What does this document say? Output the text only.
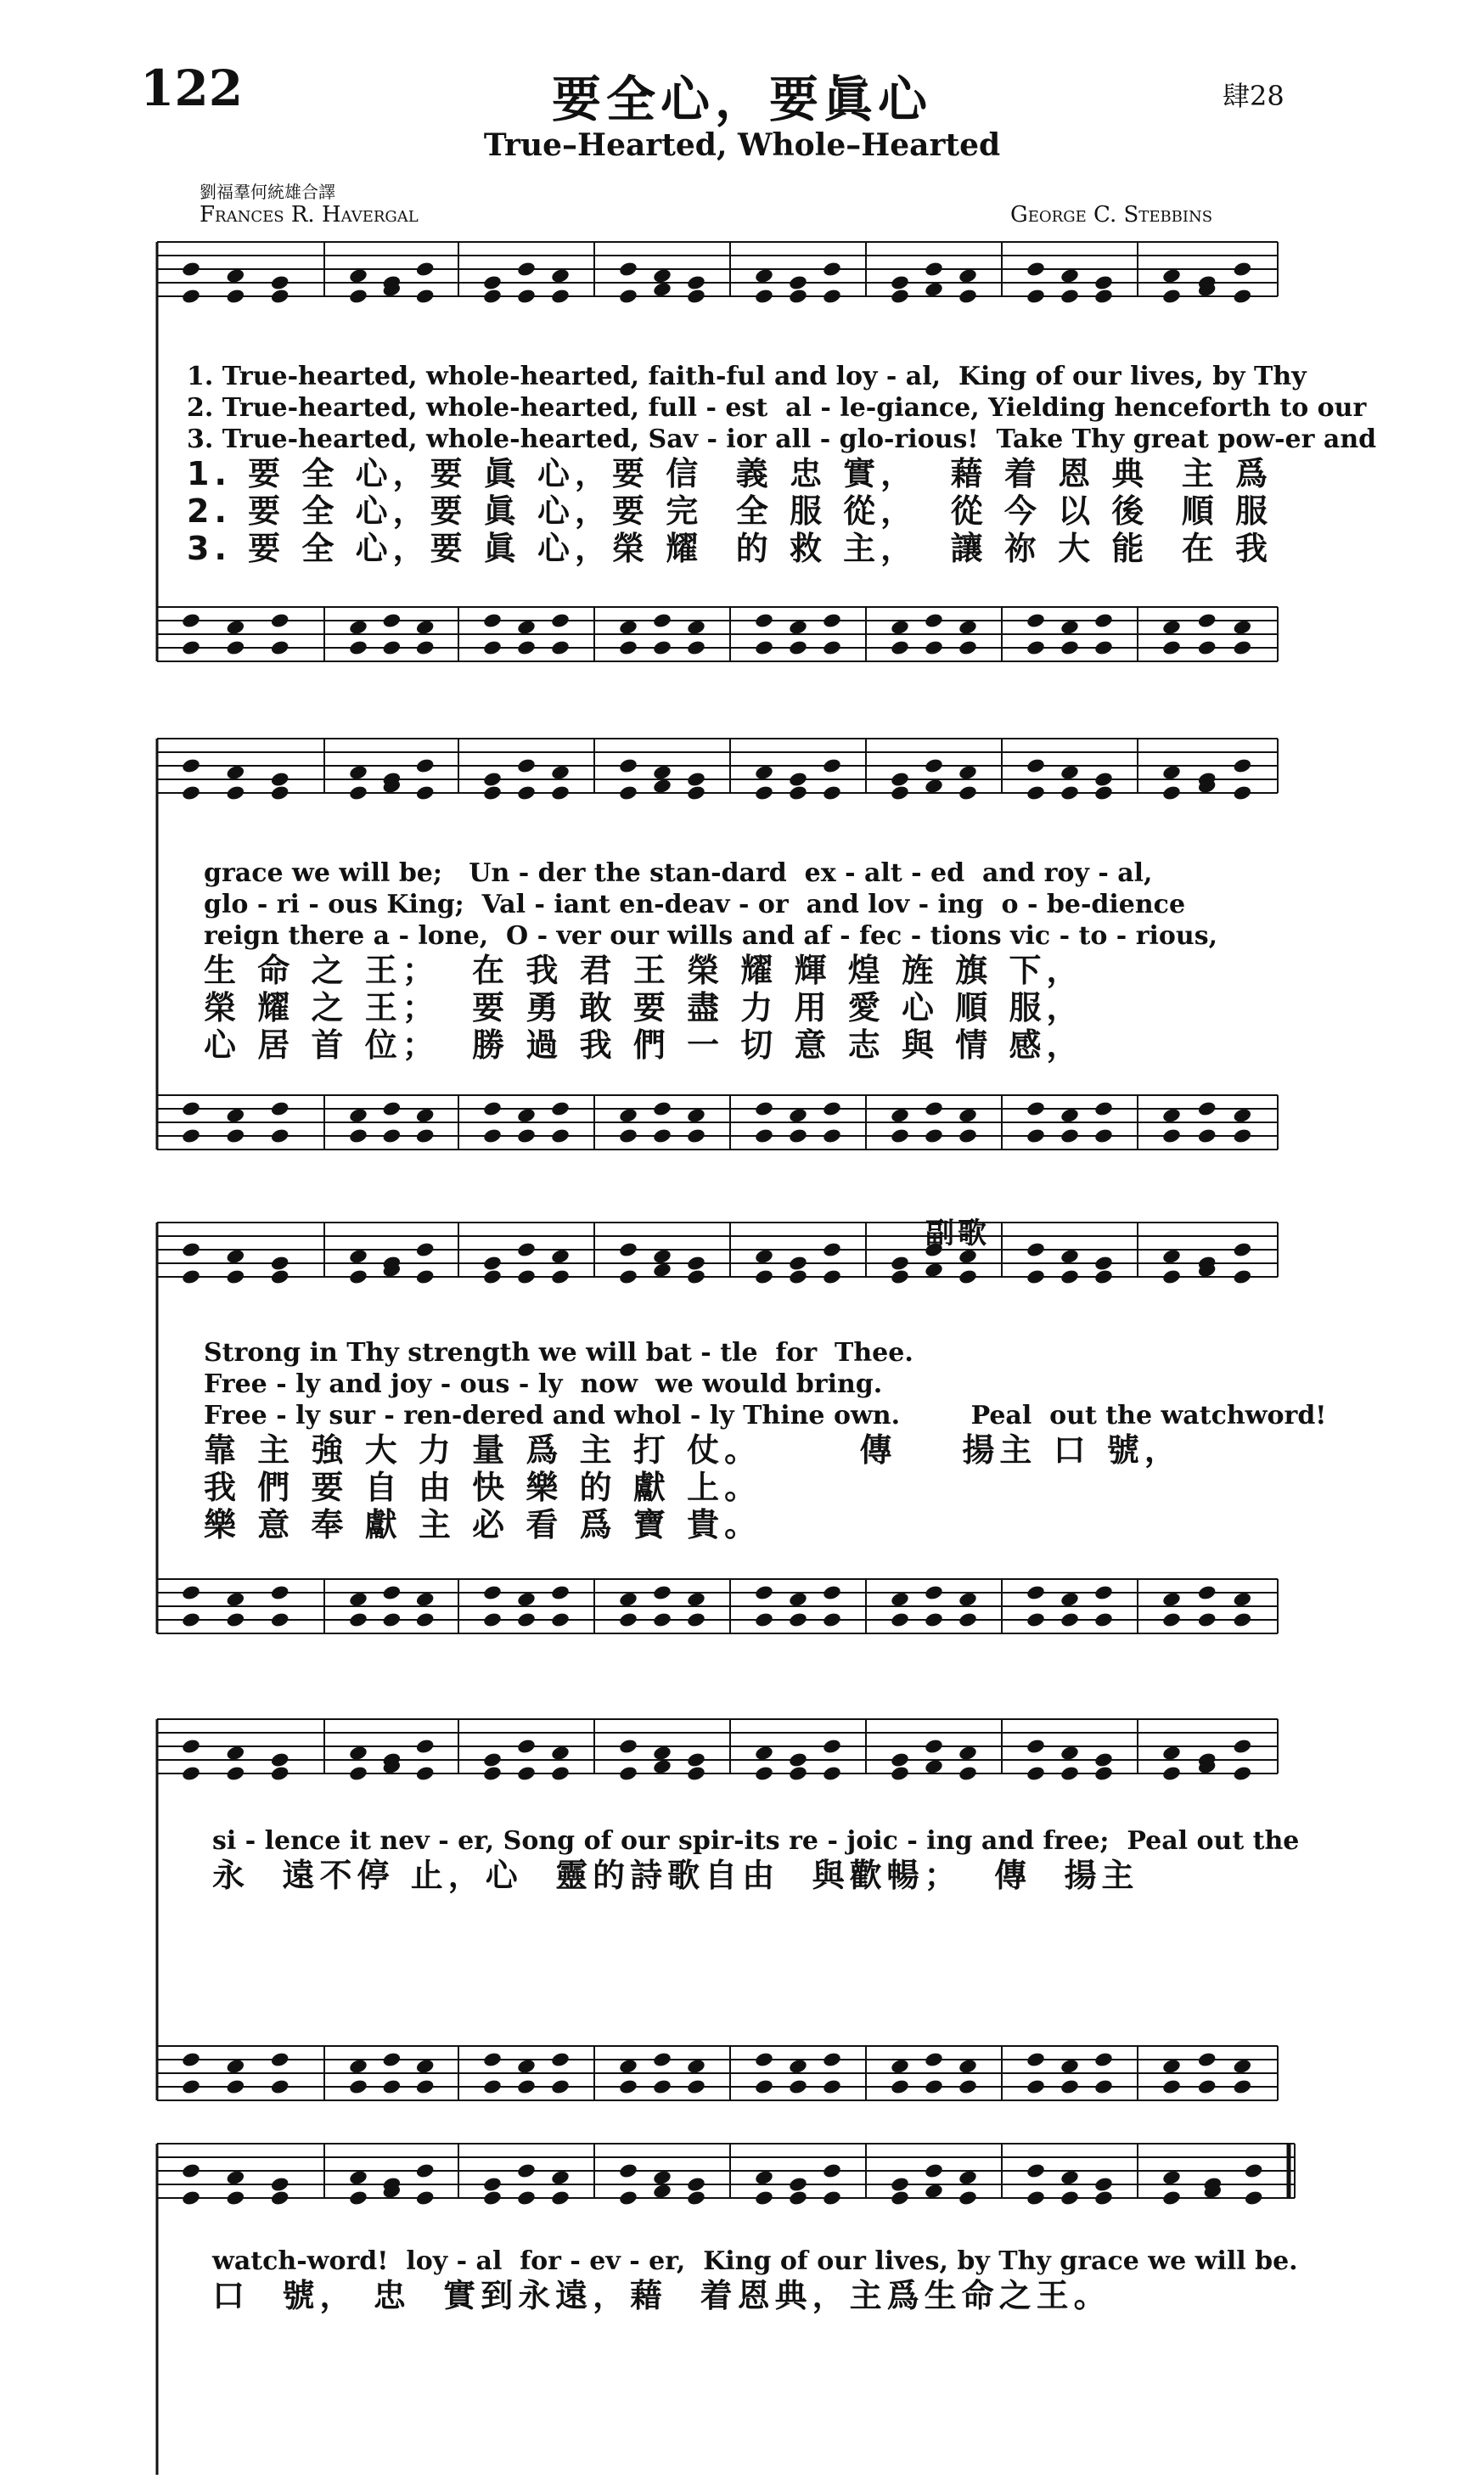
122	要全心，要眞心	肆28
True–Hearted, Whole–Hearted
劉福羣何統雄合譯
Frances R. Havergal	George C. Stebbins
1. True-hearted, whole-hearted, faith-ful and loy - al,  King of our lives, by Thy
2. True-hearted, whole-hearted, full - est  al - le-giance, Yielding henceforth to our
3. True-hearted, whole-hearted, Sav - ior all - glo-rious!  Take Thy great pow-er and
1. 要 全 心，要 眞 心，要 信  義 忠 實，  藉 着 恩 典  主 爲
2. 要 全 心，要 眞 心，要 完  全 服 從，  從 今 以 後  順 服
3. 要 全 心，要 眞 心，榮 耀  的 救 主，  讓 祢 大 能  在 我
grace we will be;   Un - der the stan-dard  ex - alt - ed  and roy - al,
glo - ri - ous King;  Val - iant en-deav - or  and lov - ing  o - be-dience
reign there a - lone,  O - ver our wills and af - fec - tions vic - to - rious,
生 命 之 王；  在 我 君 王 榮 耀 輝 煌 旌 旗 下，
榮 耀 之 王；  要 勇 敢 要 盡 力 用 愛 心 順 服，
心 居 首 位；  勝 過 我 們 一 切 意 志 與 情 感，
副歌
Strong in Thy strength we will bat - tle  for  Thee.
Free - ly and joy - ous - ly  now  we would bring.
Free - ly sur - ren-dered and whol - ly Thine own.        Peal  out the watchword!
靠 主 強 大 力 量 爲 主 打 仗。      傳    揚主 口 號，
我 們 要 自 由 快 樂 的 獻 上。
樂 意 奉 獻 主 必 看 爲 寶 貴。
si - lence it nev - er, Song of our spir-its re - joic - ing and free;  Peal out the
永  遠不停 止，心  靈的詩歌自由  與歡暢；  傳  揚主
watch-word!  loy - al  for - ev - er,  King of our lives, by Thy grace we will be.
口  號， 忠  實到永遠，藉  着恩典，主爲生命之王。
